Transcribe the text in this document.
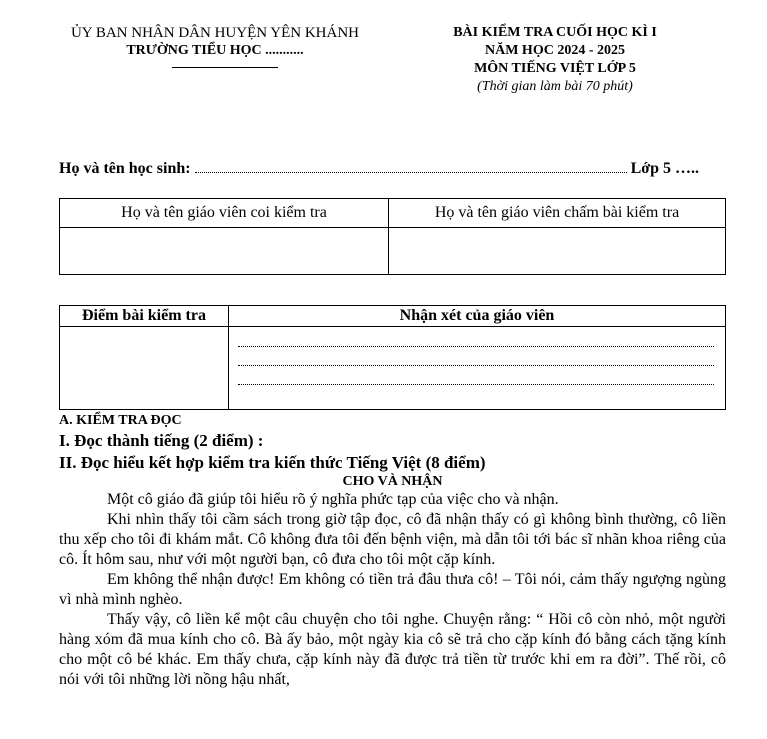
ỦY BAN NHÂN DÂN HUYỆN YÊN KHÁNH
TRƯỜNG TIỂU HỌC ...........
BÀI KIỂM TRA CUỐI HỌC KÌ I
NĂM HỌC 2024 - 2025
MÔN TIẾNG VIỆT LỚP 5
(Thời gian làm bài 70 phút)
Họ và tên học sinh:	Lớp 5 …..
Họ và tên giáo viên coi kiểm tra	Họ và tên giáo viên chấm bài kiểm tra

Điểm bài kiểm tra	Nhận xét của giáo viên

A. KIỂM TRA ĐỌC
I. Đọc thành tiếng (2 điểm) :
II. Đọc hiểu kết hợp kiểm tra kiến thức Tiếng Việt (8 điểm)
CHO VÀ NHẬN

Một cô giáo đã giúp tôi hiểu rõ ý nghĩa phức tạp của việc cho và nhận.

Khi nhìn thấy tôi cầm sách trong giờ tập đọc, cô đã nhận thấy có gì không bình thường, cô liền thu xếp cho tôi đi khám mắt. Cô không đưa tôi đến bệnh viện, mà dẫn tôi tới bác sĩ nhãn khoa riêng của cô. Ít hôm sau, như với một người bạn, cô đưa cho tôi một cặp kính.

Em không thể nhận được! Em không có tiền trả đâu thưa cô! – Tôi nói, cảm thấy ngượng ngùng vì nhà mình nghèo.

Thấy vậy, cô liền kể một câu chuyện cho tôi nghe. Chuyện rằng: “ Hồi cô còn nhỏ, một người hàng xóm đã mua kính cho cô. Bà ấy bảo, một ngày kia cô sẽ trả cho cặp kính đó bằng cách tặng kính cho một cô bé khác. Em thấy chưa, cặp kính này đã được trả tiền từ trước khi em ra đời”. Thế rồi, cô nói với tôi những lời nồng hậu nhất,
